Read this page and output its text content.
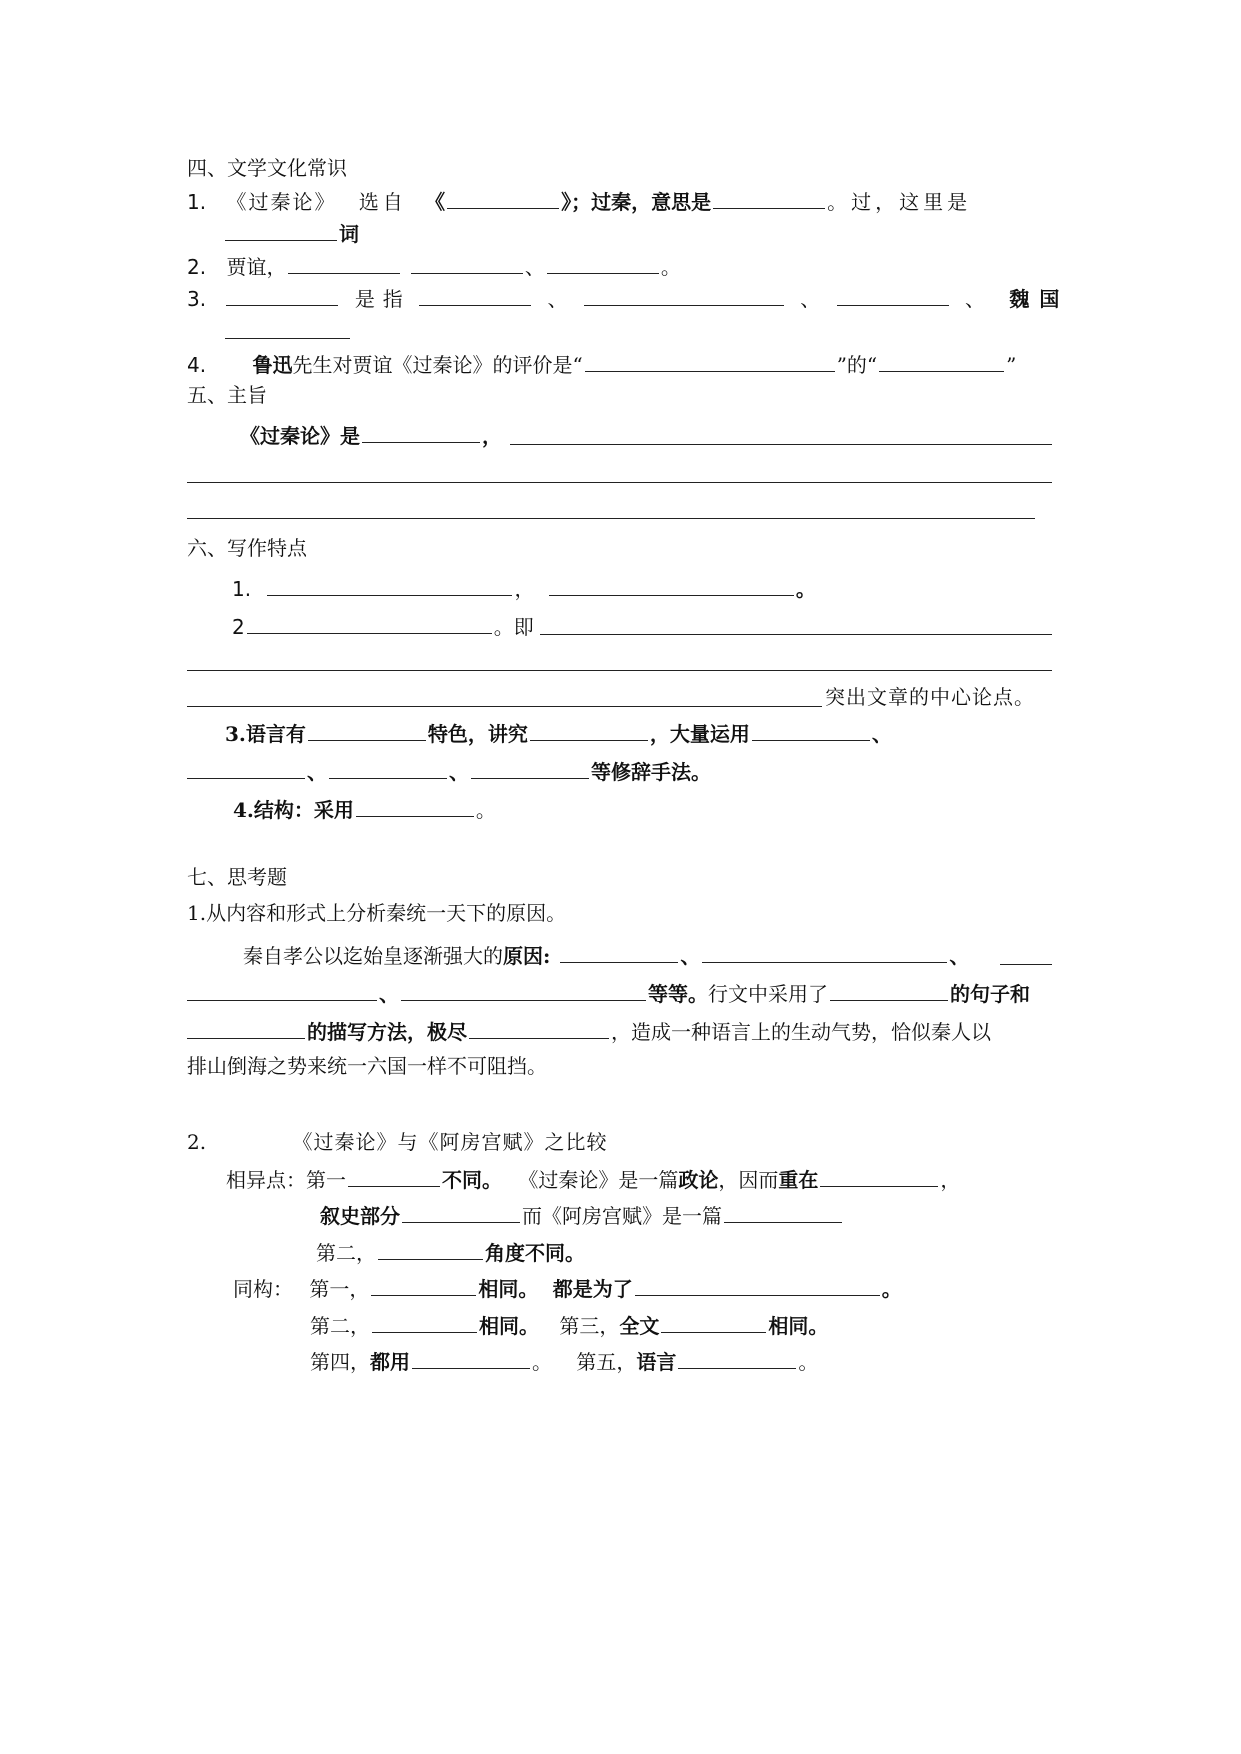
四、文学文化常识
1. 《过秦论》 选自 《	》；过秦，意思是	。过，这里是
词
2. 贾谊，	、	。
3.	是指	、	、	、 魏国
4. 鲁迅先生对贾谊《过秦论》的评价是“	”的“	”
五、主旨
《过秦论》是	，
六、写作特点
1.	，	。
2	。即
突出文章的中心论点。
3.语言有	特色，讲究	，大量运用	、
、	、	等修辞手法。
4.结构：采用	。
七、思考题
1.从内容和形式上分析秦统一天下的原因。
秦自孝公以迄始皇逐渐强大的原因:	、	、
、	等等。行文中采用了	的句子和
的描写方法，极尽	，造成一种语言上的生动气势，恰似秦人以
排山倒海之势来统一六国一样不可阻挡。
2.	《过秦论》与《阿房宫赋》之比较
相异点：第一	不同。 《过秦论》是一篇政论，因而重在	，
叙史部分	而《阿房宫赋》是一篇
第二，	角度不同。
同构： 第一，	相同。 都是为了	。
第二，	相同。 第三，全文	相同。
第四，都用	。 第五，语言	。
